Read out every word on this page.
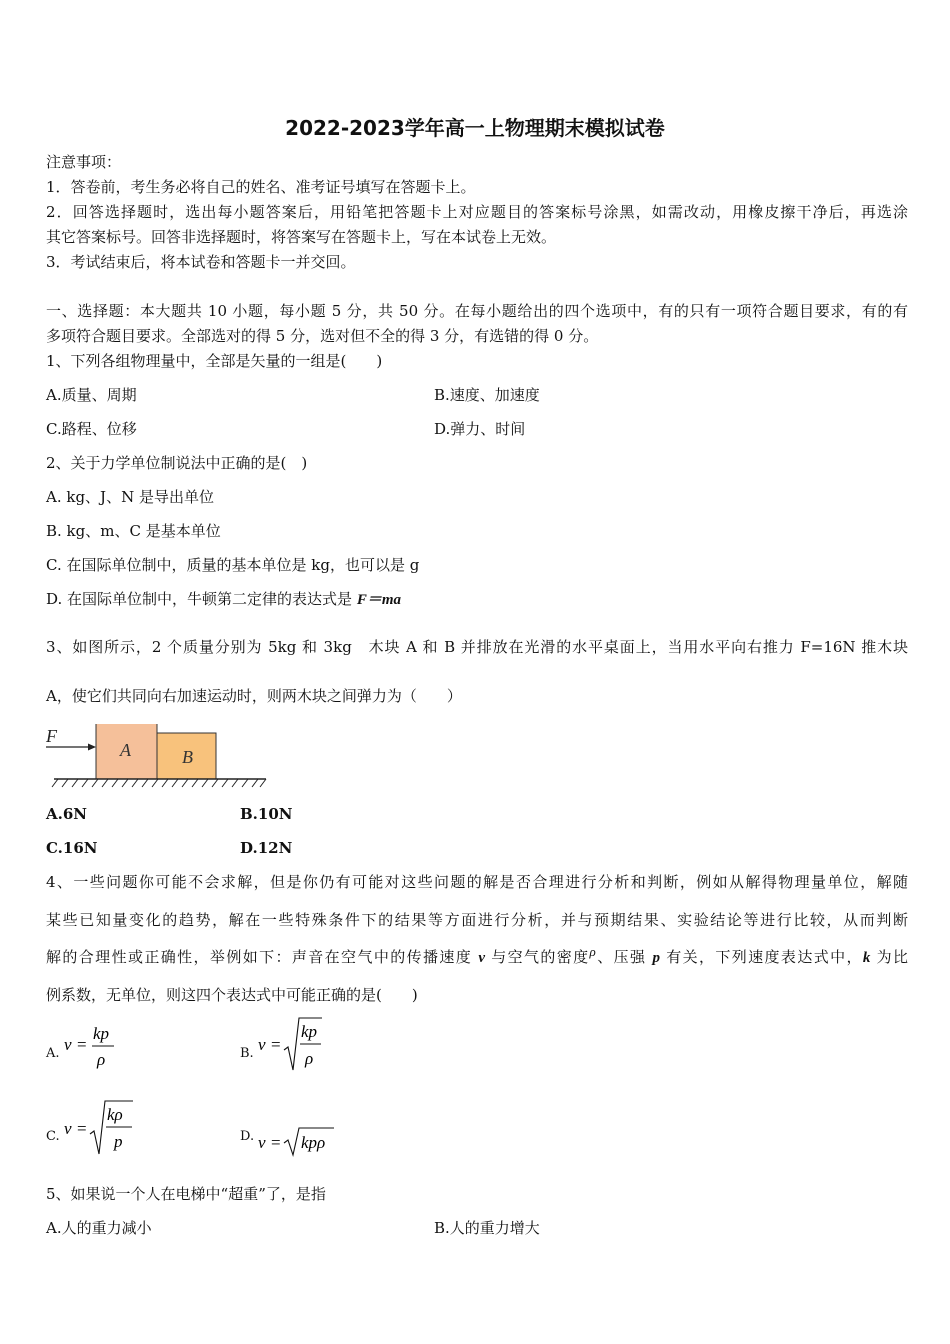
2022-2023学年高一上物理期末模拟试卷
注意事项：
1．答卷前，考生务必将自己的姓名、准考证号填写在答题卡上。
2．回答选择题时，选出每小题答案后，用铅笔把答题卡上对应题目的答案标号涂黑，如需改动，用橡皮擦干净后，再选涂
其它答案标号。回答非选择题时，将答案写在答题卡上，写在本试卷上无效。
3．考试结束后，将本试卷和答题卡一并交回。
一、选择题：本大题共 10 小题，每小题 5 分，共 50 分。在每小题给出的四个选项中，有的只有一项符合题目要求，有的有
多项符合题目要求。全部选对的得 5 分，选对但不全的得 3 分，有选错的得 0 分。
1、下列各组物理量中，全部是矢量的一组是(　　)
A.质量、周期	B.速度、加速度
C.路程、位移	D.弹力、时间
2、关于力学单位制说法中正确的是(　)
A. kg、J、N 是导出单位
B. kg、m、C 是基本单位
C. 在国际单位制中，质量的基本单位是 kg，也可以是 g
D. 在国际单位制中，牛顿第二定律的表达式是 F＝ma
3、如图所示，2 个质量分别为 5kg 和 3kg　木块 A 和 B 并排放在光滑的水平桌面上，当用水平向右推力 F=16N 推木块
A，使它们共同向右加速运动时，则两木块之间弹力为（　　）
F
A	B
A.6N	B.10N
C.16N	D.12N
4、一些问题你可能不会求解，但是你仍有可能对这些问题的解是否合理进行分析和判断，例如从解得物理量单位，解随
某些已知量变化的趋势，解在一些特殊条件下的结果等方面进行分析，并与预期结果、实验结论等进行比较，从而判断
解的合理性或正确性，举例如下：声音在空气中的传播速度 v 与空气的密度ρ、压强 p 有关，下列速度表达式中，k 为比
例系数，无单位，则这四个表达式中可能正确的是(　　)
A. v =
kp
ρ	B. v =
kp
ρ
C. v =
kρ
p	D. v = kpρ
5、如果说一个人在电梯中“超重”了，是指
A.人的重力减小	B.人的重力增大
